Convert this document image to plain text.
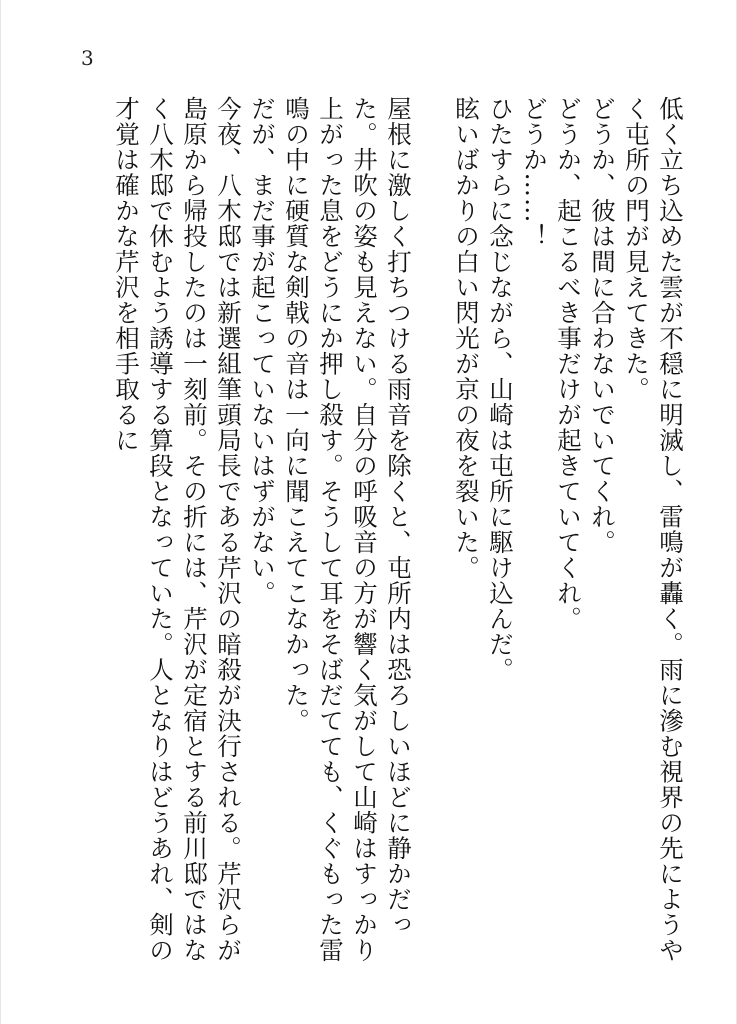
3

低く立ち込めた雲が不穏に明滅し、雷鳴が轟く。雨に滲む視界の先にようやく屯所の門が見えてきた。

どうか、彼は間に合わないでいてくれ。

どうか、起こるべき事だけが起きていてくれ。

どうか……！

ひたすらに念じながら、山崎は屯所に駆け込んだ。

眩いばかりの白い閃光が京の夜を裂いた。

屋根に激しく打ちつける雨音を除くと、屯所内は恐ろしいほどに静かだった。井吹の姿も見えない。自分の呼吸音の方が響く気がして山崎はすっかり上がった息をどうにか押し殺す。そうして耳をそばだてても、くぐもった雷鳴の中に硬質な剣戟の音は一向に聞こえてこなかった。

だが、まだ事が起こっていないはずがない。

今夜、八木邸では新選組筆頭局長である芹沢の暗殺が決行される。芹沢らが島原から帰投したのは一刻前。その折には、芹沢が定宿とする前川邸ではなく八木邸で休むよう誘導する算段となっていた。人となりはどうあれ、剣の才覚は確かな芹沢を相手取るに
